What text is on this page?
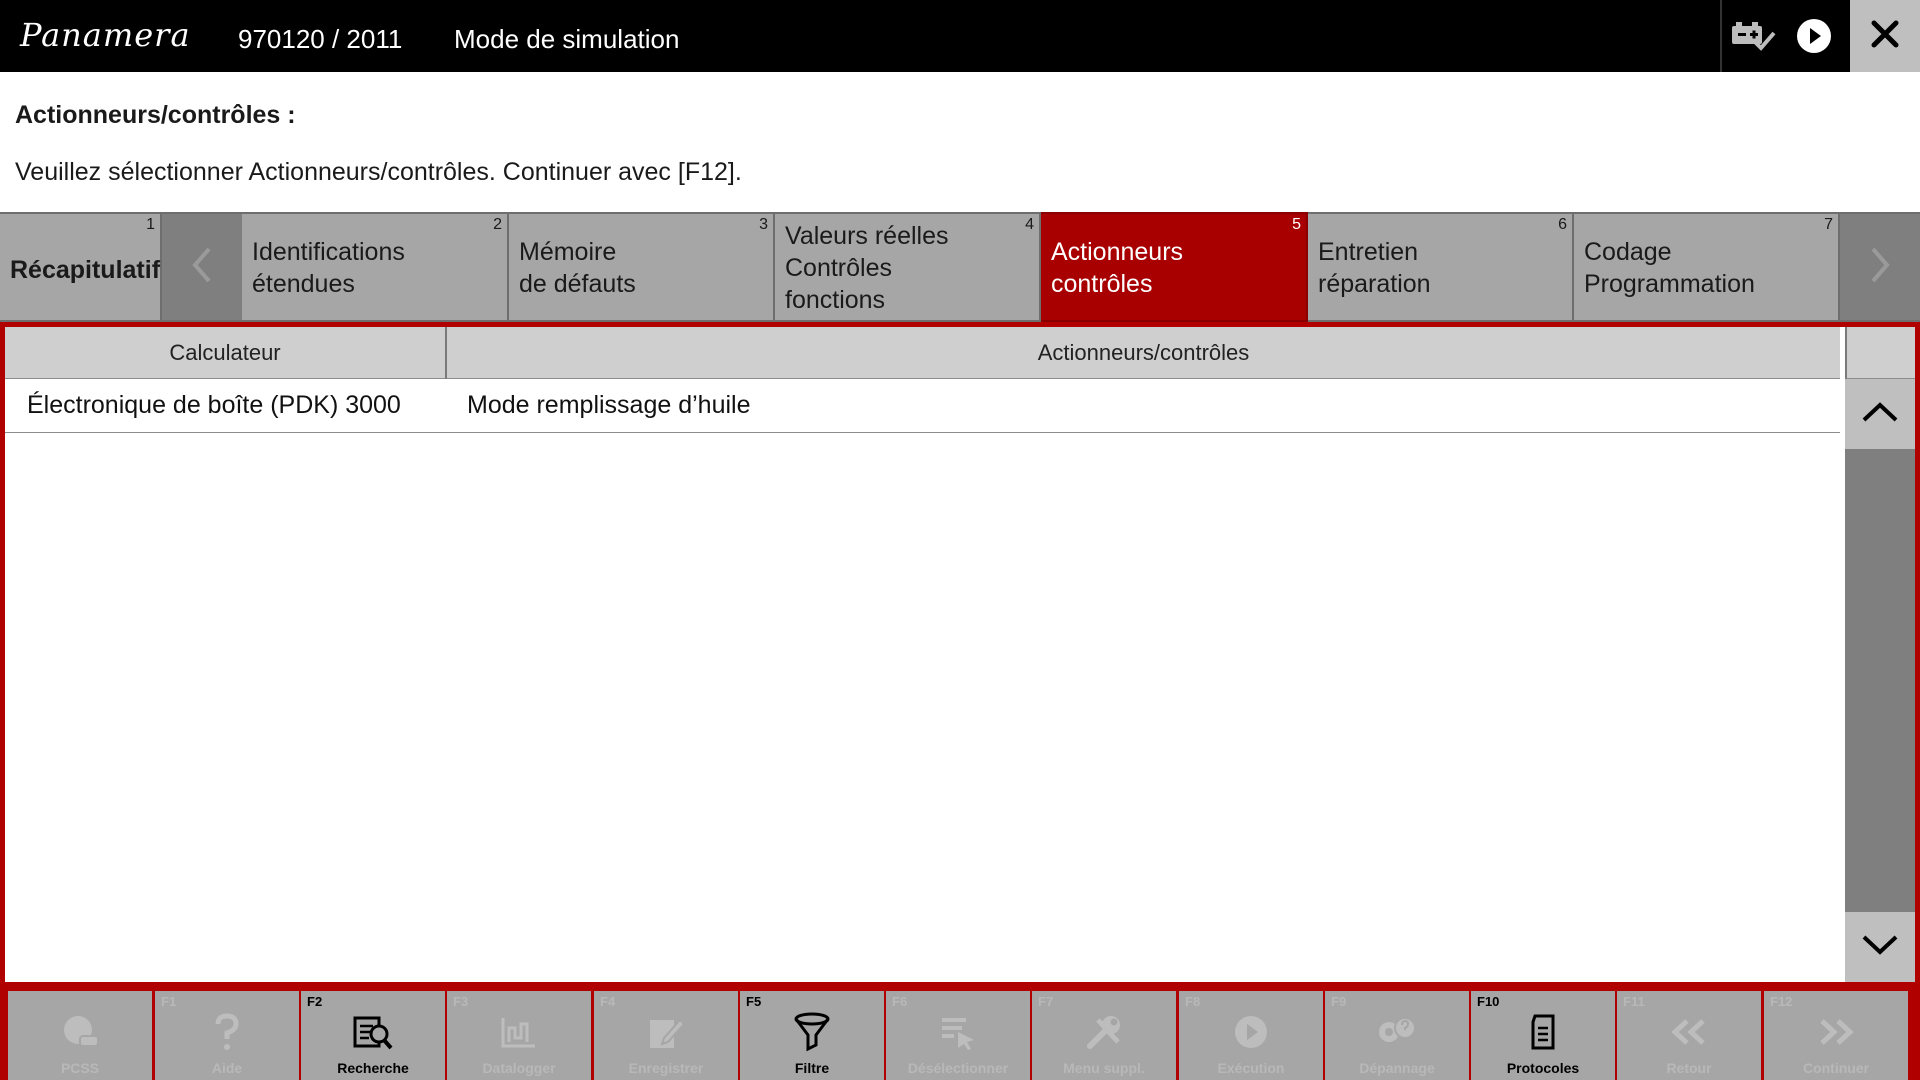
Panamera 970120 / 2011 Mode de simulation
Actionneurs/contrôles :
Veuillez sélectionner Actionneurs/contrôles. Continuer avec [F12].
1
Récapitulatif
2
Identifications
étendues
3
Mémoire
de défauts
4
Valeurs réelles
Contrôles
fonctions
5
Actionneurs
contrôles
6
Entretien
réparation
7
Codage
Programmation
Calculateur	Actionneurs/contrôles
Électronique de boîte (PDK) 3000	Mode remplissage d’huile
PCSS
F1
Aide
F2
Recherche
F3
Datalogger
F4
Enregistrer
F5
Filtre
F6
Désélectionner
F7
Menu suppl.
F8
Exécution
F9
Dépannage
F10
Protocoles
F11
Retour
F12
Continuer
